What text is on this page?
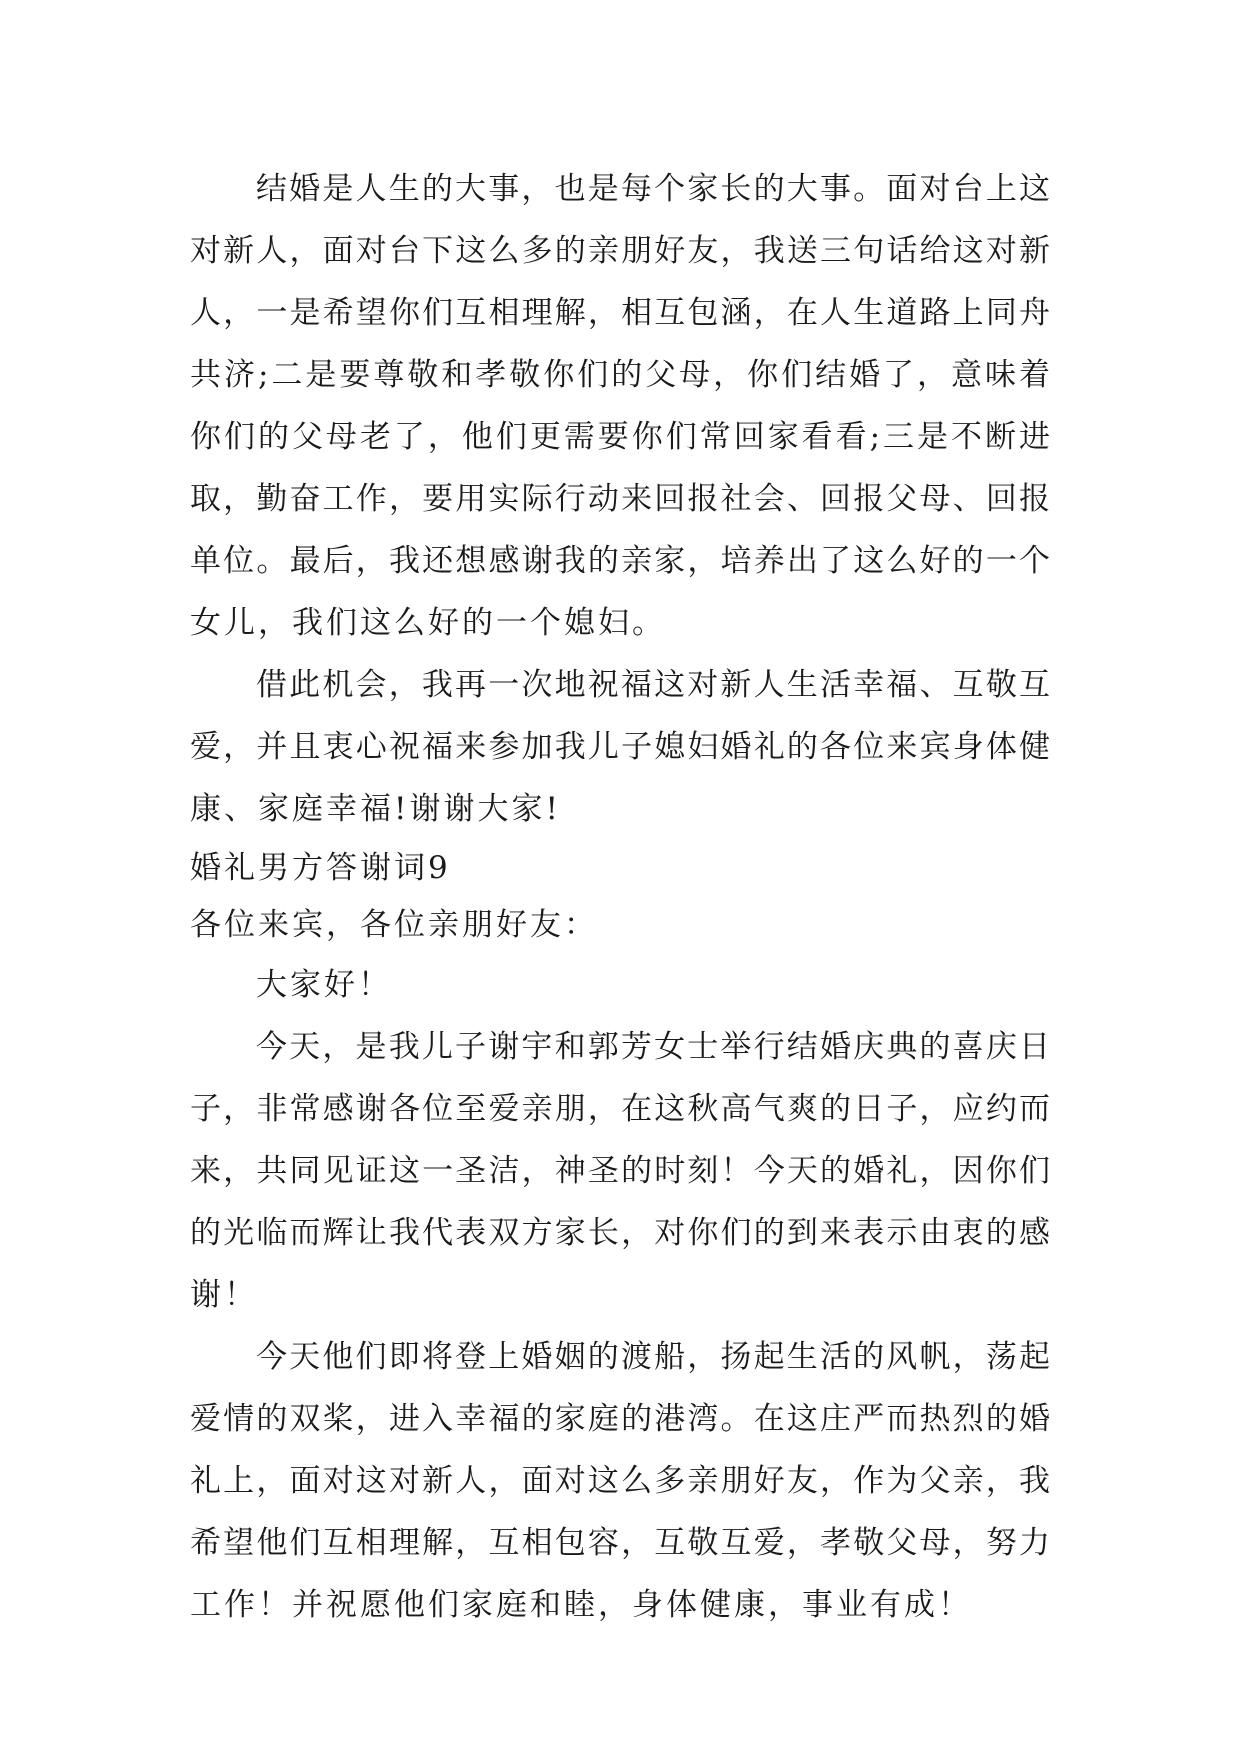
结婚是人生的大事，也是每个家长的大事。面对台上这
对新人，面对台下这么多的亲朋好友，我送三句话给这对新
人，一是希望你们互相理解，相互包涵，在人生道路上同舟
共济;二是要尊敬和孝敬你们的父母，你们结婚了，意味着
你们的父母老了，他们更需要你们常回家看看;三是不断进
取，勤奋工作，要用实际行动来回报社会、回报父母、回报
单位。最后，我还想感谢我的亲家，培养出了这么好的一个
女儿，我们这么好的一个媳妇。
借此机会，我再一次地祝福这对新人生活幸福、互敬互
爱，并且衷心祝福来参加我儿子媳妇婚礼的各位来宾身体健
康、家庭幸福!谢谢大家!
婚礼男方答谢词9
各位来宾，各位亲朋好友：
大家好！
今天，是我儿子谢宇和郭芳女士举行结婚庆典的喜庆日
子，非常感谢各位至爱亲朋，在这秋高气爽的日子，应约而
来，共同见证这一圣洁，神圣的时刻！今天的婚礼，因你们
的光临而辉让我代表双方家长，对你们的到来表示由衷的感
谢！
今天他们即将登上婚姻的渡船，扬起生活的风帆，荡起
爱情的双桨，进入幸福的家庭的港湾。在这庄严而热烈的婚
礼上，面对这对新人，面对这么多亲朋好友，作为父亲，我
希望他们互相理解，互相包容，互敬互爱，孝敬父母，努力
工作！并祝愿他们家庭和睦，身体健康，事业有成！
